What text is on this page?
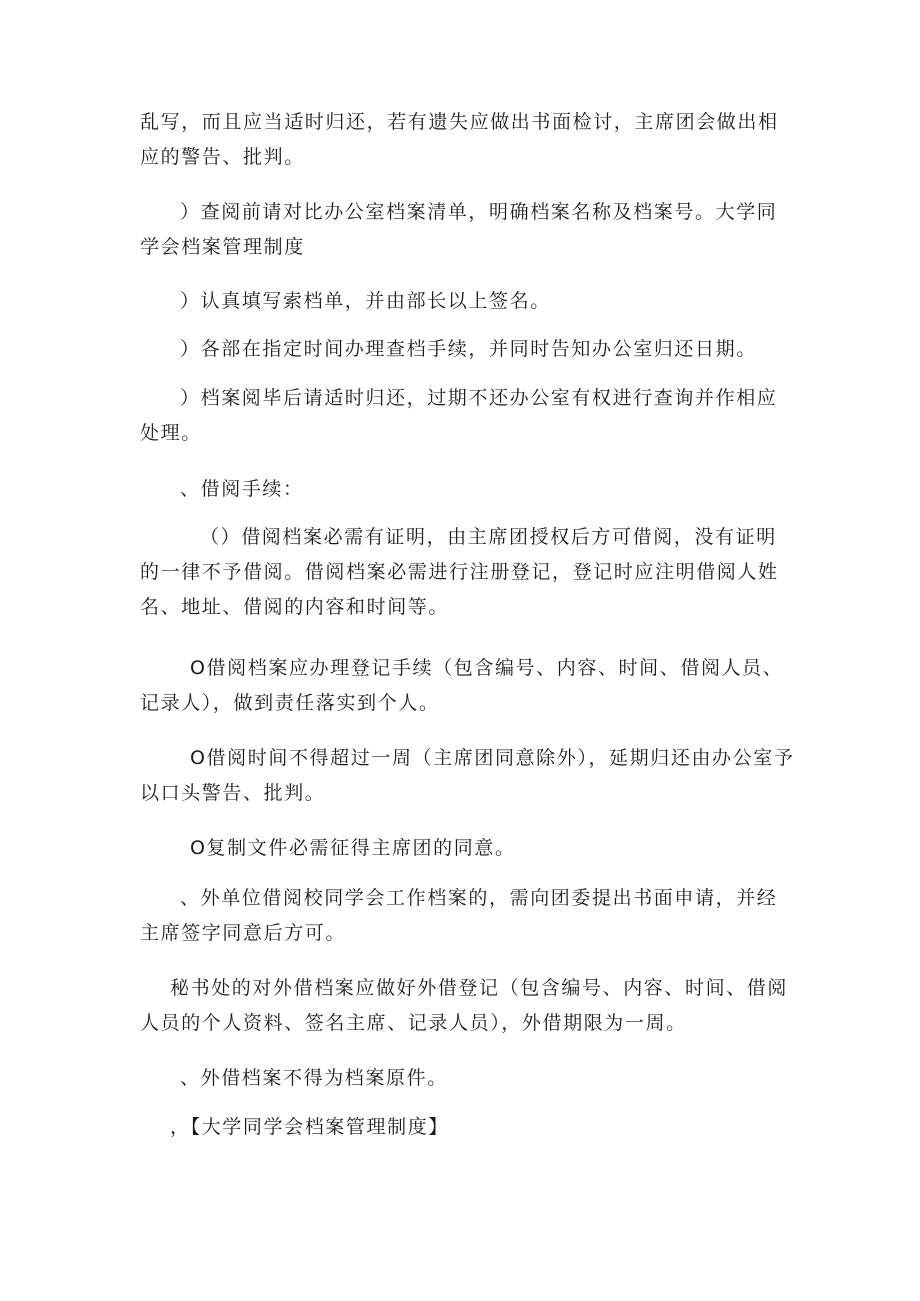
乱写，而且应当适时归还，若有遗失应做出书面检讨，主席团会做出相应的警告、批判。

）查阅前请对比办公室档案清单，明确档案名称及档案号。大学同学会档案管理制度

）认真填写索档单，并由部长以上签名。

）各部在指定时间办理查档手续，并同时告知办公室归还日期。

）档案阅毕后请适时归还，过期不还办公室有权进行查询并作相应处理。

、借阅手续：

（）借阅档案必需有证明，由主席团授权后方可借阅，没有证明的一律不予借阅。借阅档案必需进行注册登记，登记时应注明借阅人姓名、地址、借阅的内容和时间等。

O借阅档案应办理登记手续（包含编号、内容、时间、借阅人员、记录人），做到责任落实到个人。

O借阅时间不得超过一周（主席团同意除外），延期归还由办公室予以口头警告、批判。

O复制文件必需征得主席团的同意。

、外单位借阅校同学会工作档案的，需向团委提出书面申请，并经主席签字同意后方可。

秘书处的对外借档案应做好外借登记（包含编号、内容、时间、借阅人员的个人资料、签名主席、记录人员），外借期限为一周。

、外借档案不得为档案原件。

，【大学同学会档案管理制度】
